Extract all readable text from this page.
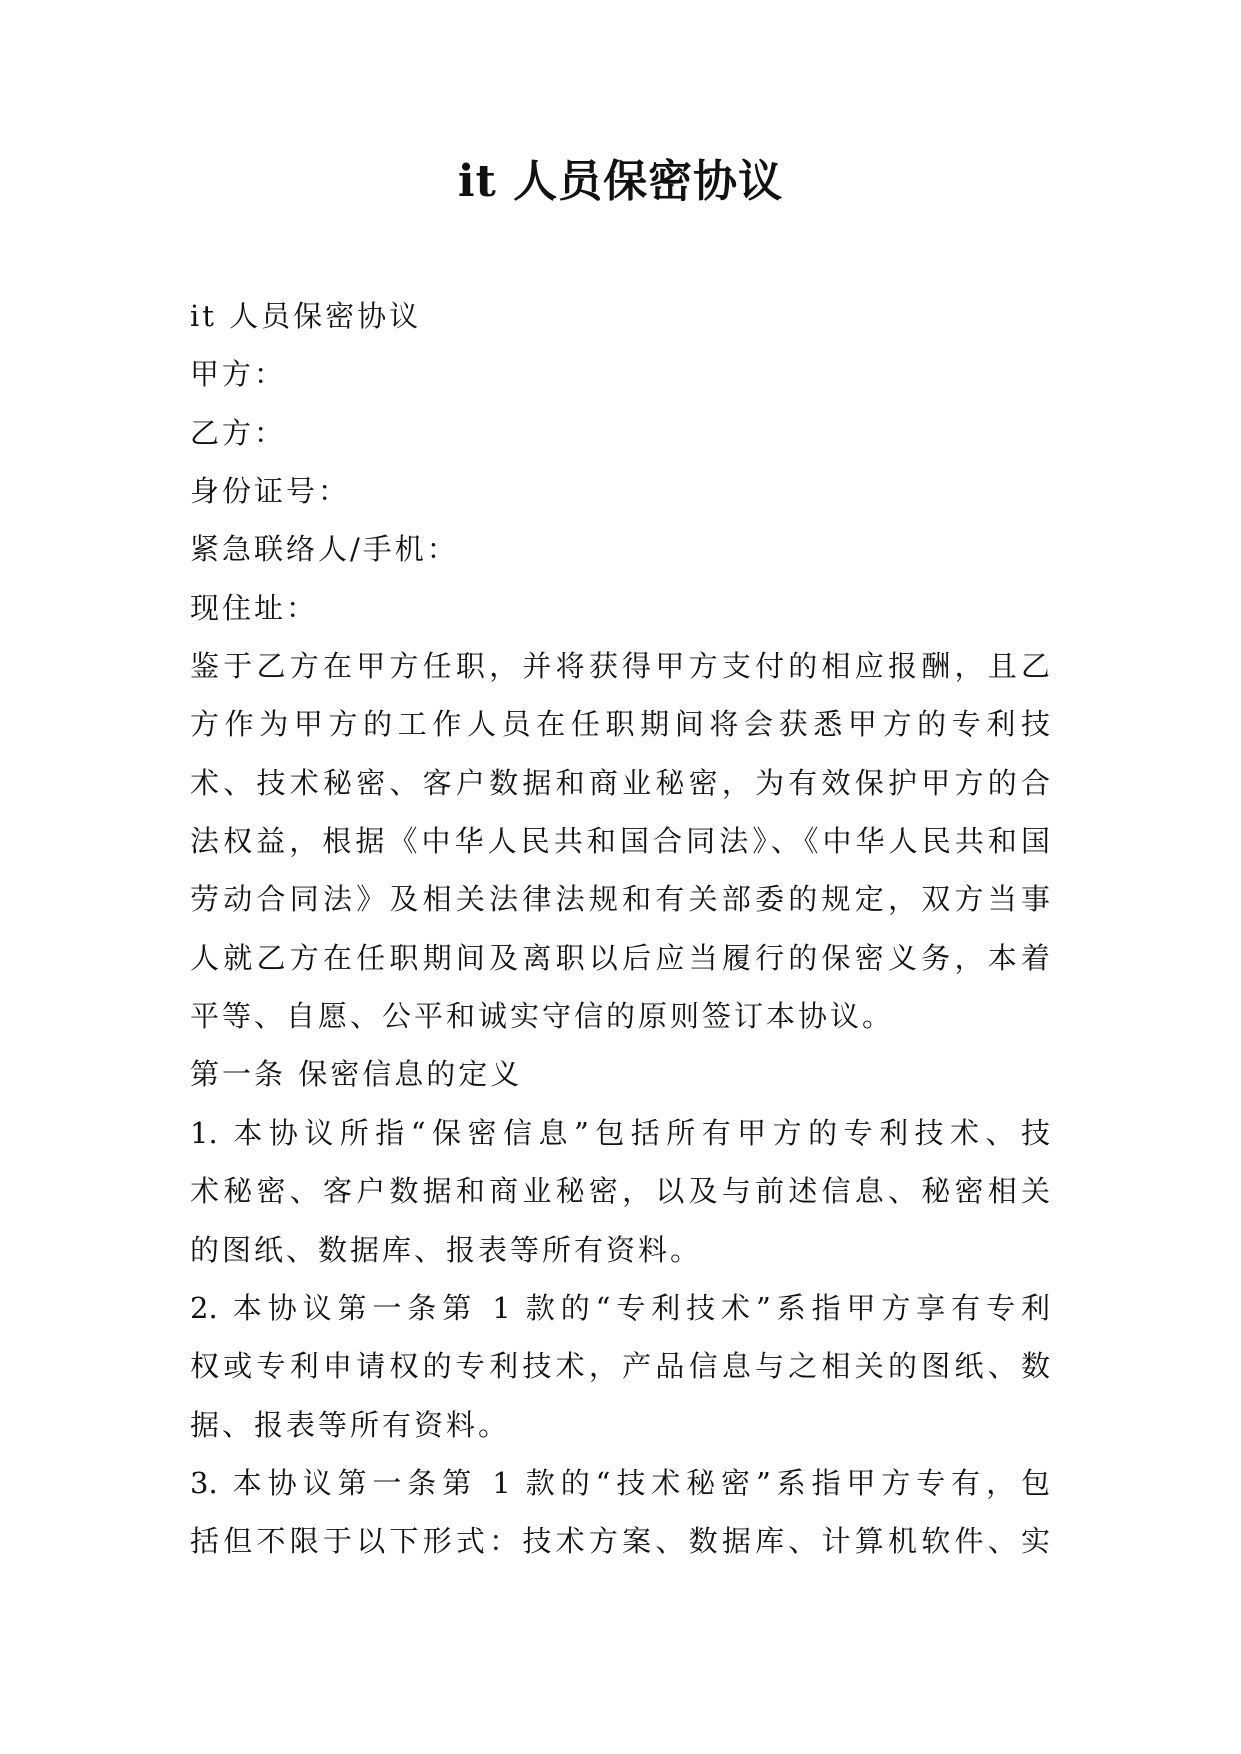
it 人员保密协议
it 人员保密协议
甲方：
乙方：
身份证号：
紧急联络人/手机：
现住址：
鉴于乙方在甲方任职，并将获得甲方支付的相应报酬，且乙
方作为甲方的工作人员在任职期间将会获悉甲方的专利技
术、技术秘密、客户数据和商业秘密，为有效保护甲方的合
法权益，根据《中华人民共和国合同法》、《中华人民共和国
劳动合同法》及相关法律法规和有关部委的规定，双方当事
人就乙方在任职期间及离职以后应当履行的保密义务，本着
平等、自愿、公平和诚实守信的原则签订本协议。
第一条 保密信息的定义
1. 本协议所指“保密信息”包括所有甲方的专利技术、技
术秘密、客户数据和商业秘密，以及与前述信息、秘密相关
的图纸、数据库、报表等所有资料。
2. 本协议第一条第 1 款的“专利技术”系指甲方享有专利
权或专利申请权的专利技术，产品信息与之相关的图纸、数
据、报表等所有资料。
3. 本协议第一条第 1 款的“技术秘密”系指甲方专有，包
括但不限于以下形式：技术方案、数据库、计算机软件、实
